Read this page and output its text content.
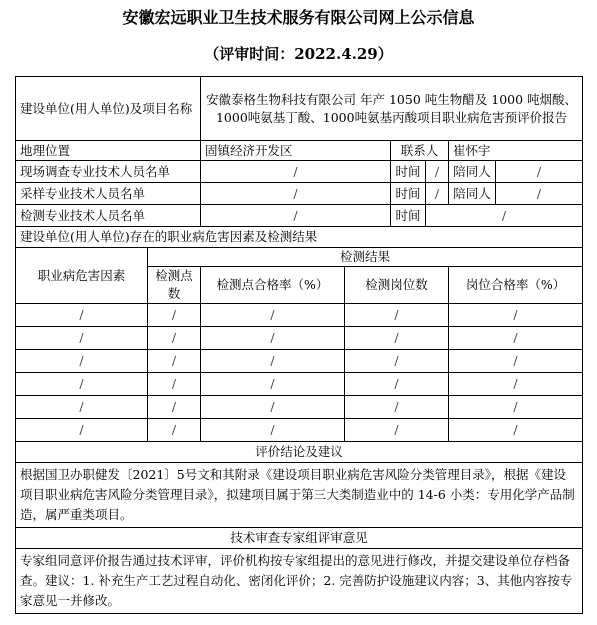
安徽宏远职业卫生技术服务有限公司网上公示信息
（评审时间：2022.4.29）
建设单位(用人单位)及项目名称		安徽泰格生物科技有限公司 年产 1050 吨生物醋及 1000 吨烟酸、1000吨氨基丁酸、1000吨氨基丙酸项目职业病危害预评价报告					
地理位置		固镇经济开发区		联系人		崔怀宇	
现场调查专业技术人员名单		/		时间	/	陪同人	/
采样专业技术人员名单		/		时间	/	陪同人	/
检测专业技术人员名单		/		时间	/		
建设单位(用人单位)存在的职业病危害因素及检测结果							
职业病危害因素	检测结果						
	检测点数	检测点合格率（%）	检测岗位数			岗位合格率（%）	
/	/	/	/			/	
/	/	/	/			/	
/	/	/	/			/	
/	/	/	/			/	
/	/	/	/			/	
/	/	/	/			/	
评价结论及建议							
根据国卫办职健发〔2021〕5号文和其附录《建设项目职业病危害风险分类管理目录》，根据《建设项目职业病危害风险分类管理目录》，拟建项目属于第三大类制造业中的 14-6 小类：专用化学产品制造，属严重类项目。							
技术审查专家组评审意见							
专家组同意评价报告通过技术评审，评价机构按专家组提出的意见进行修改，并提交建设单位存档备查。建议：1. 补充生产工艺过程自动化、密闭化评价；2. 完善防护设施建议内容；3、其他内容按专家意见一并修改。							
